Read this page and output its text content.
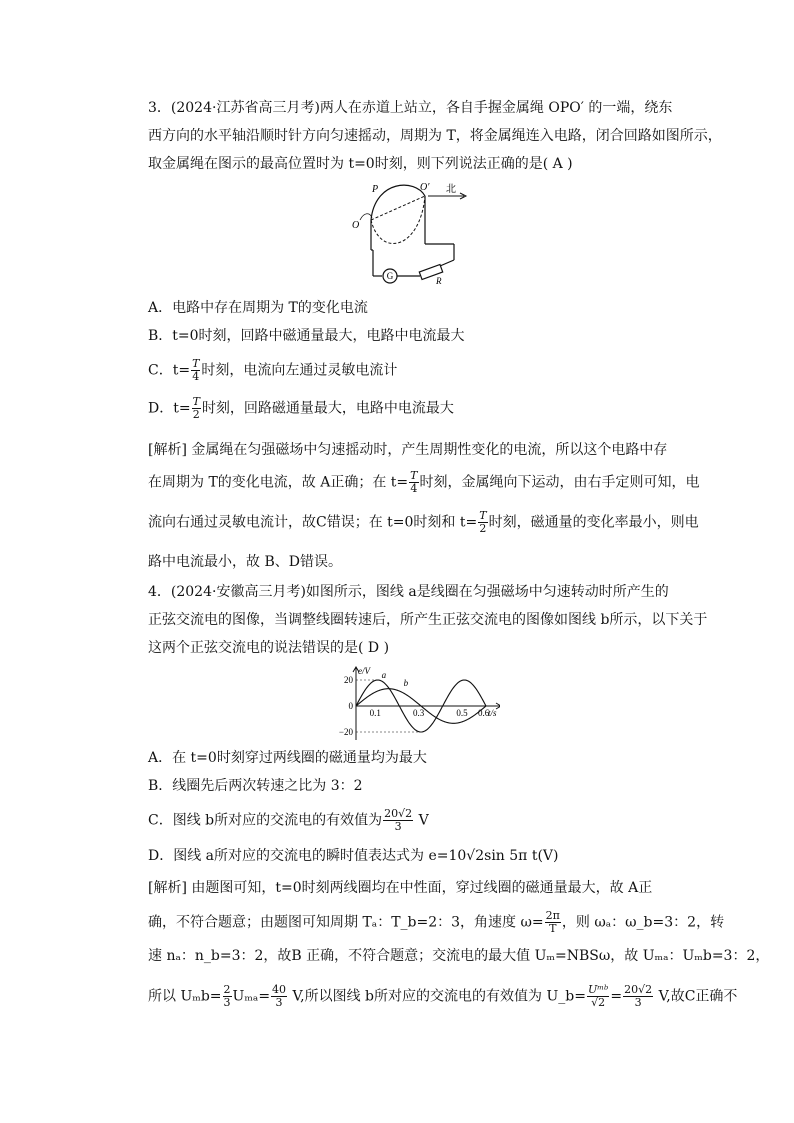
3．(2024·江苏省高三月考)两人在赤道上站立，各自手握金属绳 OPO′ 的一端，绕东
西方向的水平轴沿顺时针方向匀速摇动，周期为 T，将金属绳连入电路，闭合回路如图所示，
取金属绳在图示的最高位置时为 t=0时刻，则下列说法正确的是( A )
G
O
P	O′ 北
R
A．电路中存在周期为 T的变化电流
B．t=0时刻，回路中磁通量最大，电路中电流最大
C．$t= \frac{T}{4}$ 时刻，电流向左通过灵敏电流计
D．$t= \frac{T}{2}$ 时刻，回路磁通量最大，电路中电流最大
[解析] 金属绳在匀强磁场中匀速摇动时，产生周期性变化的电流，所以这个电路中存
在周期为 T的变化电流，故 A正确；在 $t= \frac{T}{4}$ 时刻，金属绳向下运动，由右手定则可知，电
流向右通过灵敏电流计，故C错误；在 t=0时刻和 $t= \frac{T}{2}$ 时刻，磁通量的变化率最小，则电
路中电流最小，故 B、D错误。
4．(2024·安徽高三月考)如图所示，图线 a是线圈在匀强磁场中匀速转动时所产生的
正弦交流电的图像，当调整线圈转速后，所产生正弦交流电的图像如图线 b所示，以下关于
这两个正弦交流电的说法错误的是( D )
e/V
t/s
20
0
−20
0.1	0.3	0.5 0.6
a
b
A．在 t=0时刻穿过两线圈的磁通量均为最大
B．线圈先后两次转速之比为 3：2
C．图线 b所对应的交流电的有效值为 $\frac{20√2}{3}$ V
D．图线 a所对应的交流电的瞬时值表达式为 e=10√2sin 5π t(V)
[解析] 由题图可知，t=0时刻两线圈均在中性面，穿过线圈的磁通量最大，故 A正
确，不符合题意；由题图可知周期 Tₐ：T_b=2：3，角速度 $\omega= \frac{2\pi}{T}$ ，则 ωₐ：ω_b=3：2，转
速 nₐ：n_b=3：2，故B 正确，不符合题意；交流电的最大值 Uₘ=NBSω，故 Uₘₐ：Uₘb=3：2，
所以 $U_mb= \frac{2}{3} U_{ma}= \frac{40}{3} V$,所以图线 b所对应的交流电的有效值为 U_b= $\frac{\text{Uᵐᵇ}}{√2} = \frac{20√2}{3} V$,故C正确不
